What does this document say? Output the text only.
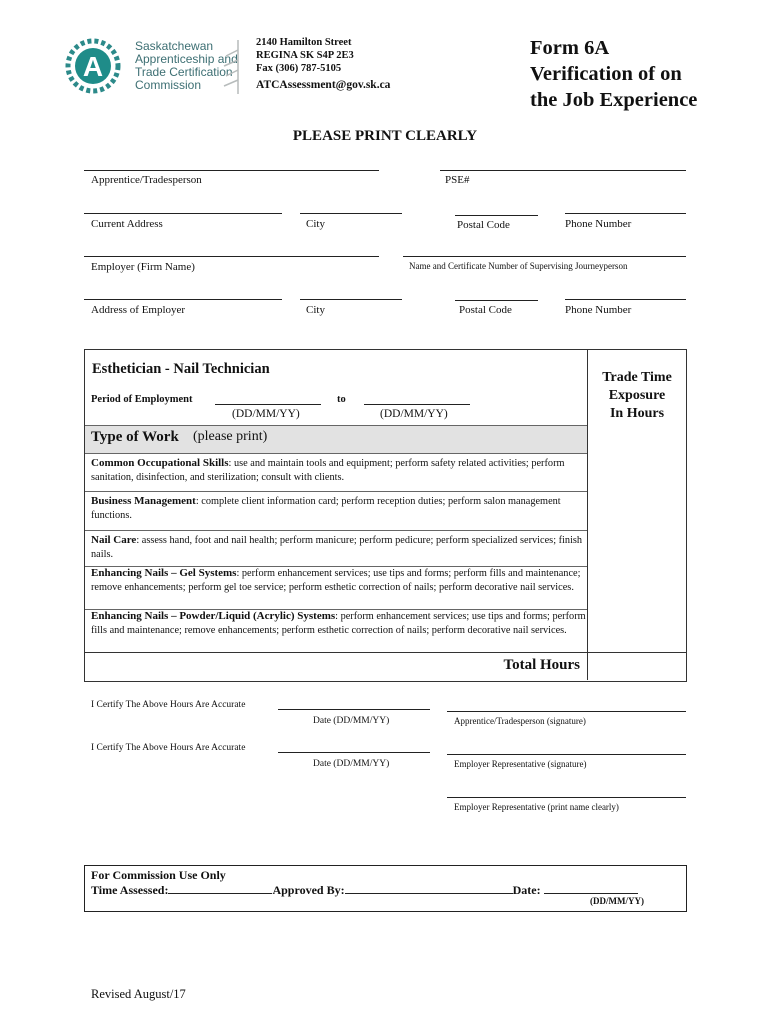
A
Saskatchewan
Apprenticeship and
Trade Certification
Commission
2140 Hamilton Street
REGINA SK S4P 2E3
Fax (306) 787-5105
ATCAssessment@gov.sk.ca
Form 6A
Verification of on
the Job Experience
PLEASE PRINT CLEARLY
Apprentice/Tradesperson	PSE#
Current Address	City	Postal Code	Phone Number
Employer (Firm Name)	Name and Certificate Number of Supervising Journeyperson
Address of Employer	City	Postal Code	Phone Number
Esthetician - Nail Technician
Period of Employment	to
(DD/MM/YY)	(DD/MM/YY)
Trade Time
Exposure
In Hours
Type of Work (please print)
Common Occupational Skills: use and maintain tools and equipment; perform safety related activities; perform sanitation, disinfection, and sterilization; consult with clients.
Business Management: complete client information card; perform reception duties; perform salon management functions.
Nail Care: assess hand, foot and nail health; perform manicure; perform pedicure; perform specialized services; finish nails.
Enhancing Nails – Gel Systems: perform enhancement services; use tips and forms; perform fills and maintenance; remove enhancements; perform gel toe service; perform esthetic correction of nails; perform decorative nail services.
Enhancing Nails – Powder/Liquid (Acrylic) Systems: perform enhancement services; use tips and forms; perform fills and maintenance; remove enhancements; perform esthetic correction of nails; perform decorative nail services.
Total Hours
I Certify The Above Hours Are Accurate
Date (DD/MM/YY)	Apprentice/Tradesperson (signature)
I Certify The Above Hours Are Accurate
Date (DD/MM/YY)	Employer Representative (signature)
Employer Representative (print name clearly)
For Commission Use Only
Time Assessed:	Approved By:	Date:
(DD/MM/YY)
Revised August/17
